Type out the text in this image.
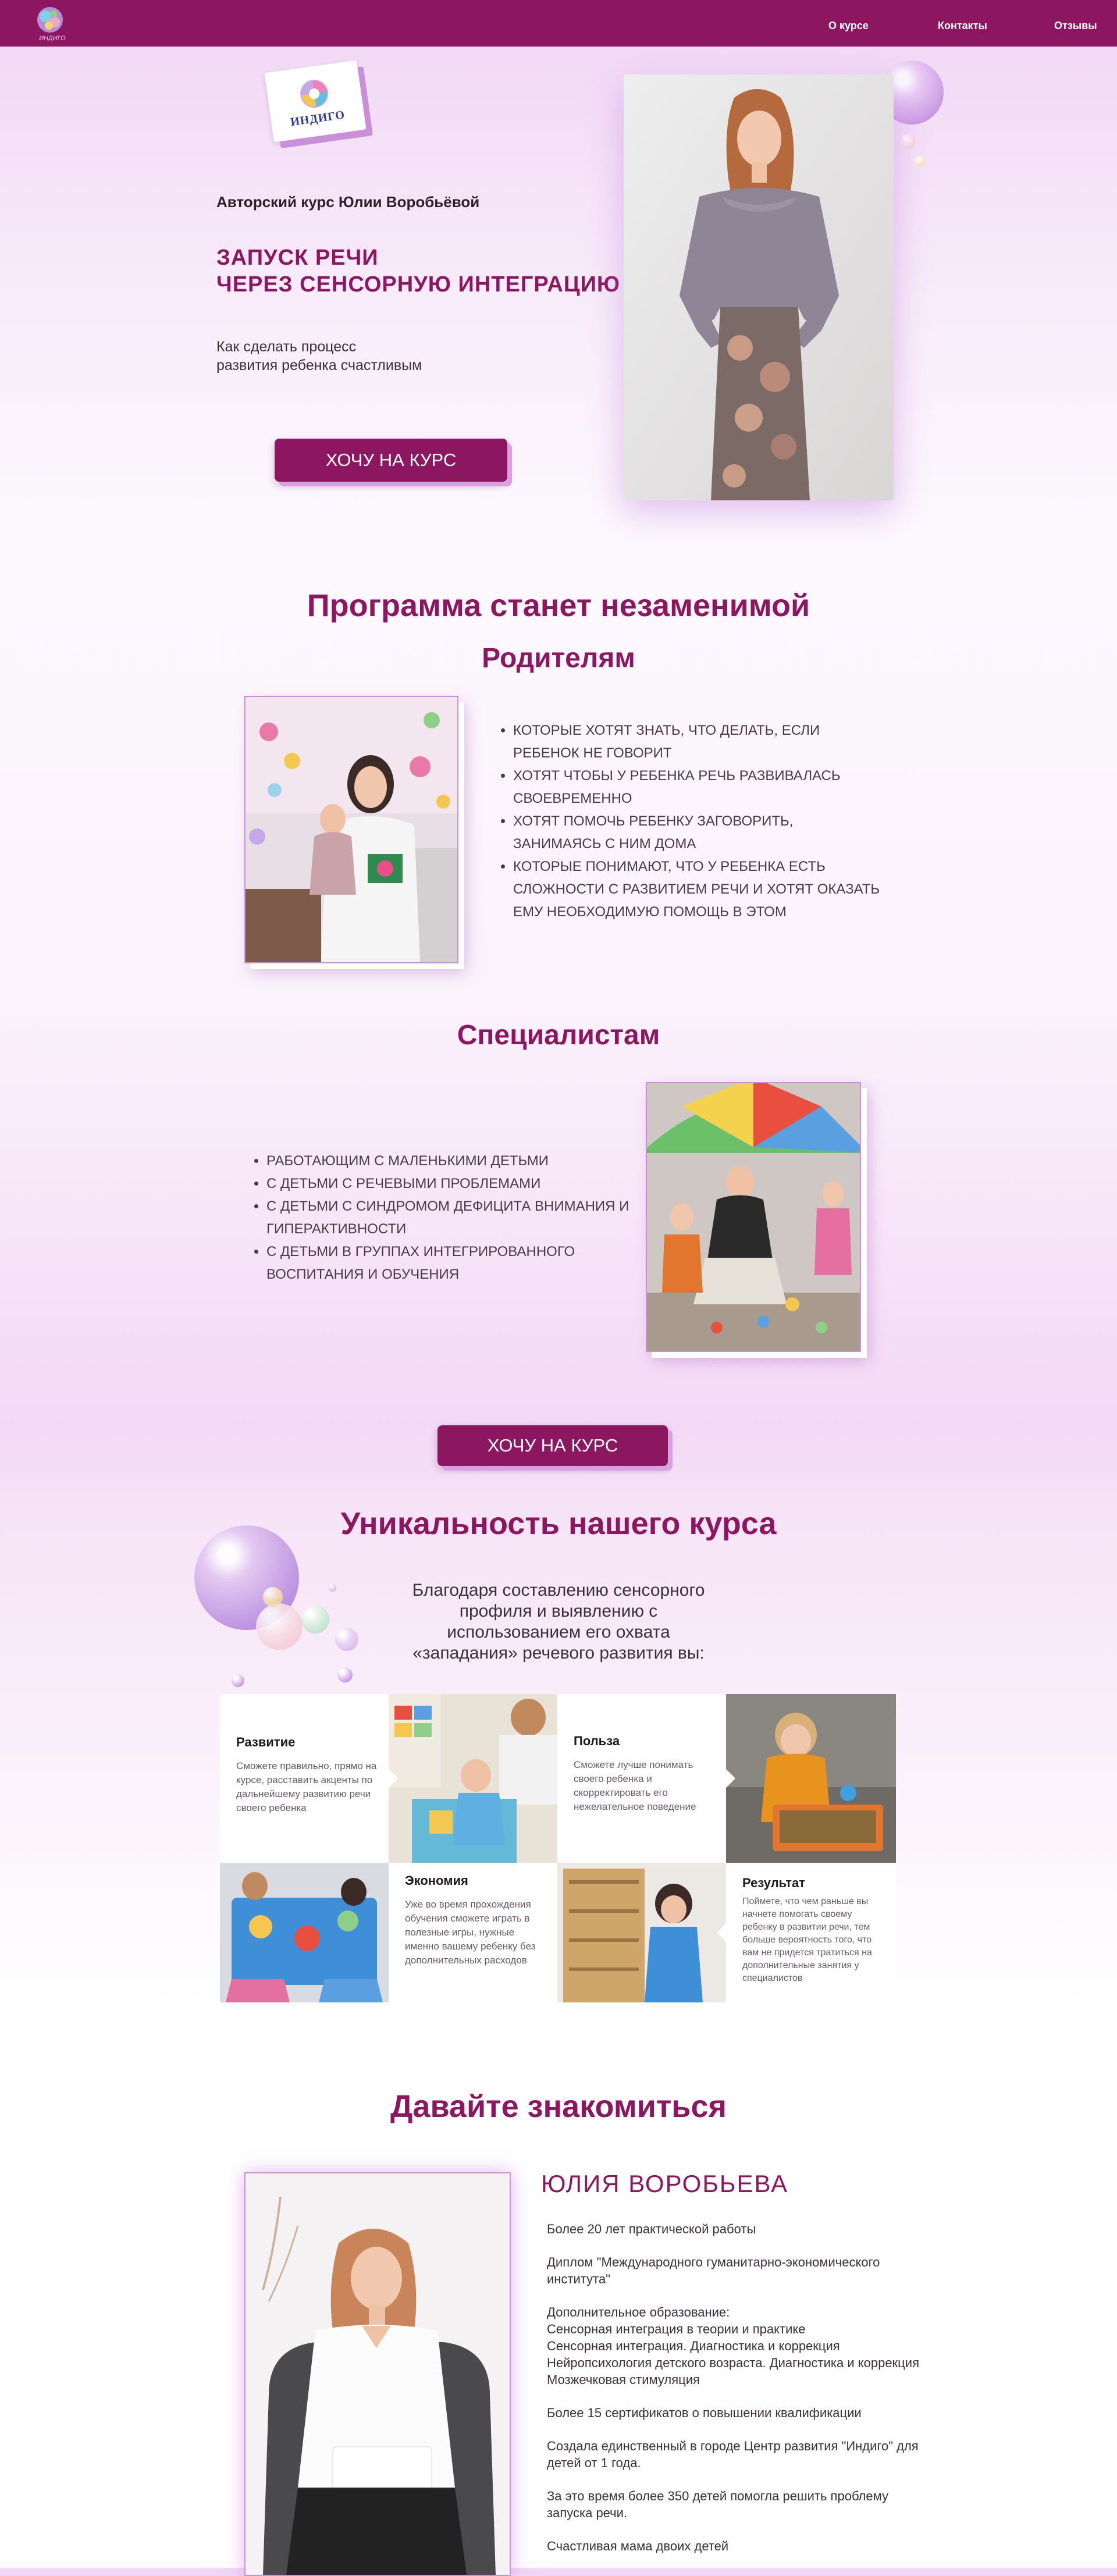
ИНДИГО
О курсе	Контакты	Отзывы
ИНДИГО
Авторский курс Юлии Воробьёвой
ЗАПУСК РЕЧИ
ЧЕРЕЗ СЕНСОРНУЮ ИНТЕГРАЦИЮ
Как сделать процесс
развития ребенка счастливым
ХОЧУ НА КУРС
Программа станет незаменимой
Родителям
• КОТОРЫЕ ХОТЯТ ЗНАТЬ, ЧТО ДЕЛАТЬ, ЕСЛИ РЕБЕНОК НЕ ГОВОРИТ
• ХОТЯТ ЧТОБЫ У РЕБЕНКА РЕЧЬ РАЗВИВАЛАСЬ СВОЕВРЕМЕННО
• ХОТЯТ ПОМОЧЬ РЕБЕНКУ ЗАГОВОРИТЬ, ЗАНИМАЯСЬ С НИМ ДОМА
• КОТОРЫЕ ПОНИМАЮТ, ЧТО У РЕБЕНКА ЕСТЬ СЛОЖНОСТИ С РАЗВИТИЕМ РЕЧИ И ХОТЯТ ОКАЗАТЬ ЕМУ НЕОБХОДИМУЮ ПОМОЩЬ В ЭТОМ
Специалистам
• РАБОТАЮЩИМ С МАЛЕНЬКИМИ ДЕТЬМИ
• С ДЕТЬМИ С РЕЧЕВЫМИ ПРОБЛЕМАМИ
• С ДЕТЬМИ С СИНДРОМОМ ДЕФИЦИТА ВНИМАНИЯ И ГИПЕРАКТИВНОСТИ
• С ДЕТЬМИ В ГРУППАХ ИНТЕГРИРОВАННОГО ВОСПИТАНИЯ И ОБУЧЕНИЯ
ХОЧУ НА КУРС
Уникальность нашего курса
Благодаря составлению сенсорного
профиля и выявлению с
использованием его охвата
«западания» речевого развития вы:
Развитие
Сможете правильно, прямо на курсе, расставить акценты по дальнейшему развитию речи своего ребенка
Польза
Сможете лучше понимать своего ребенка и скорректировать его нежелательное поведение
Экономия
Уже во время прохождения обучения сможете играть в полезные игры, нужные именно вашему ребенку без дополнительных расходов
Результат
Поймете, что чем раньше вы начнете помогать своему ребенку в развитии речи, тем больше вероятность того, что вам не придется тратиться на дополнительные занятия у специалистов
Давайте знакомиться
ЮЛИЯ ВОРОБЬЕВА

Более 20 лет практической работы

Диплом "Международного гуманитарно-экономического
института"

Дополнительное образование:
Сенсорная интеграция в теории и практике
Сенсорная интеграция. Диагностика и коррекция
Нейропсихология детского возраста. Диагностика и коррекция
Мозжечковая стимуляция

Более 15 сертификатов о повышении квалификации

Создала единственный в городе Центр развития "Индиго" для
детей от 1 года.

За это время более 350 детей помогла решить проблему
запуска речи.

Счастливая мама двоих детей
